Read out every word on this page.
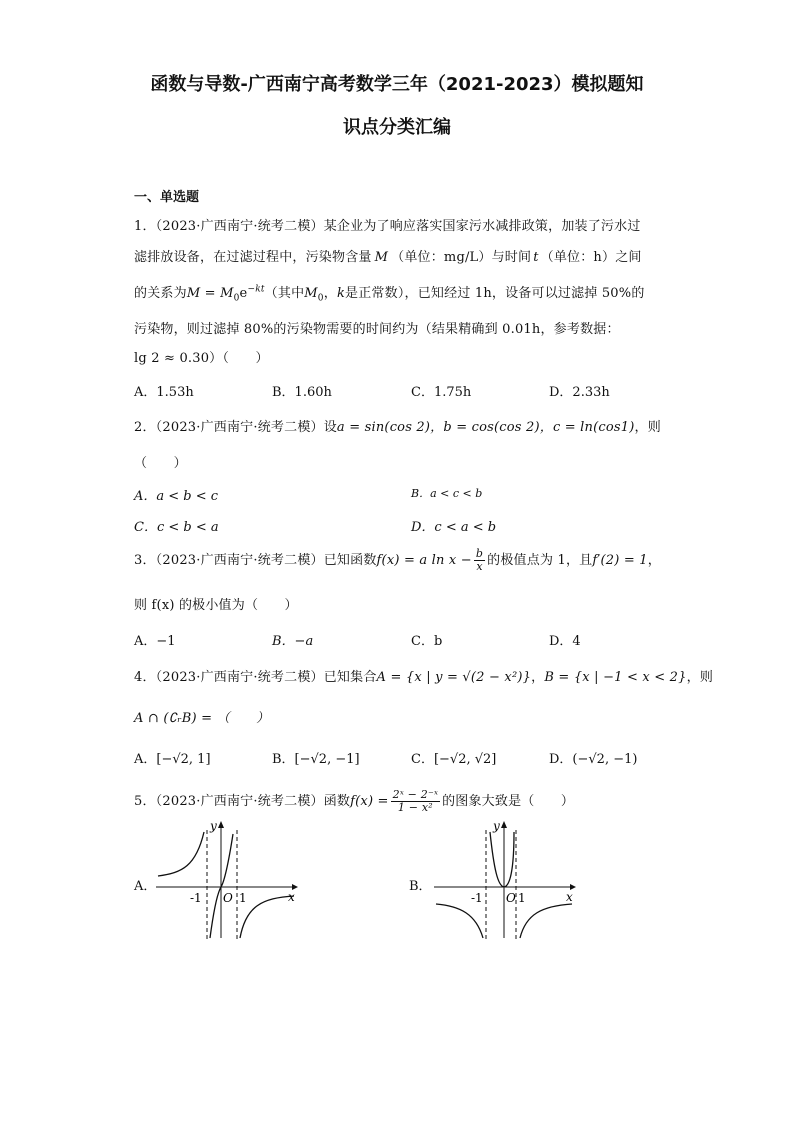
函数与导数-广西南宁高考数学三年（2021-2023）模拟题知
识点分类汇编
一、单选题
1．（2023·广西南宁·统考二模）某企业为了响应落实国家污水减排政策，加装了污水过
滤排放设备，在过滤过程中，污染物含量 M （单位：mg/L）与时间 t （单位：h）之间
的关系为$M = M_0e^{-kt}$（其中$M_0$，k是正常数），已知经过 1h，设备可以过滤掉 50%的
污染物，则过滤掉 80%的污染物需要的时间约为（结果精确到 0.01h，参考数据：
lg 2 ≈ 0.30）（　　）
A．1.53h	B．1.60h	C．1.75h	D．2.33h
2．（2023·广西南宁·统考二模）设a = sin(cos 2)，b = cos(cos 2)，c = ln(cos1)，则
（　　）
A．a < b < c	B．a < c < b
C．c < b < a	D．c < a < b
3．（2023·广西南宁·统考二模）已知函数f(x) = a $\ln x - \frac{b}{x}$ 的极值点为 1，且f′(2) = 1，
则 f(x) 的极小值为（　　）
A．−1	B．−a	C．b	D．4
4．（2023·广西南宁·统考二模）已知集合A = {x | y = √(2 − x²)}，B = {x | −1 < x < 2}，则
A ∩ (∁ᵣB) = （　　）
A．[−√2, 1]	B．[−√2, −1]	C．[−√2, √2]	D．(−√2, −1)
5．（2023·广西南宁·统考二模）函数$f(x) = \frac{\text{2ˣ − 2⁻ˣ}}{\text{1 − x²}}$ 的图象大致是（　　）
A．
-1 O 1	x
y
B．
-1 O 1	x
y
